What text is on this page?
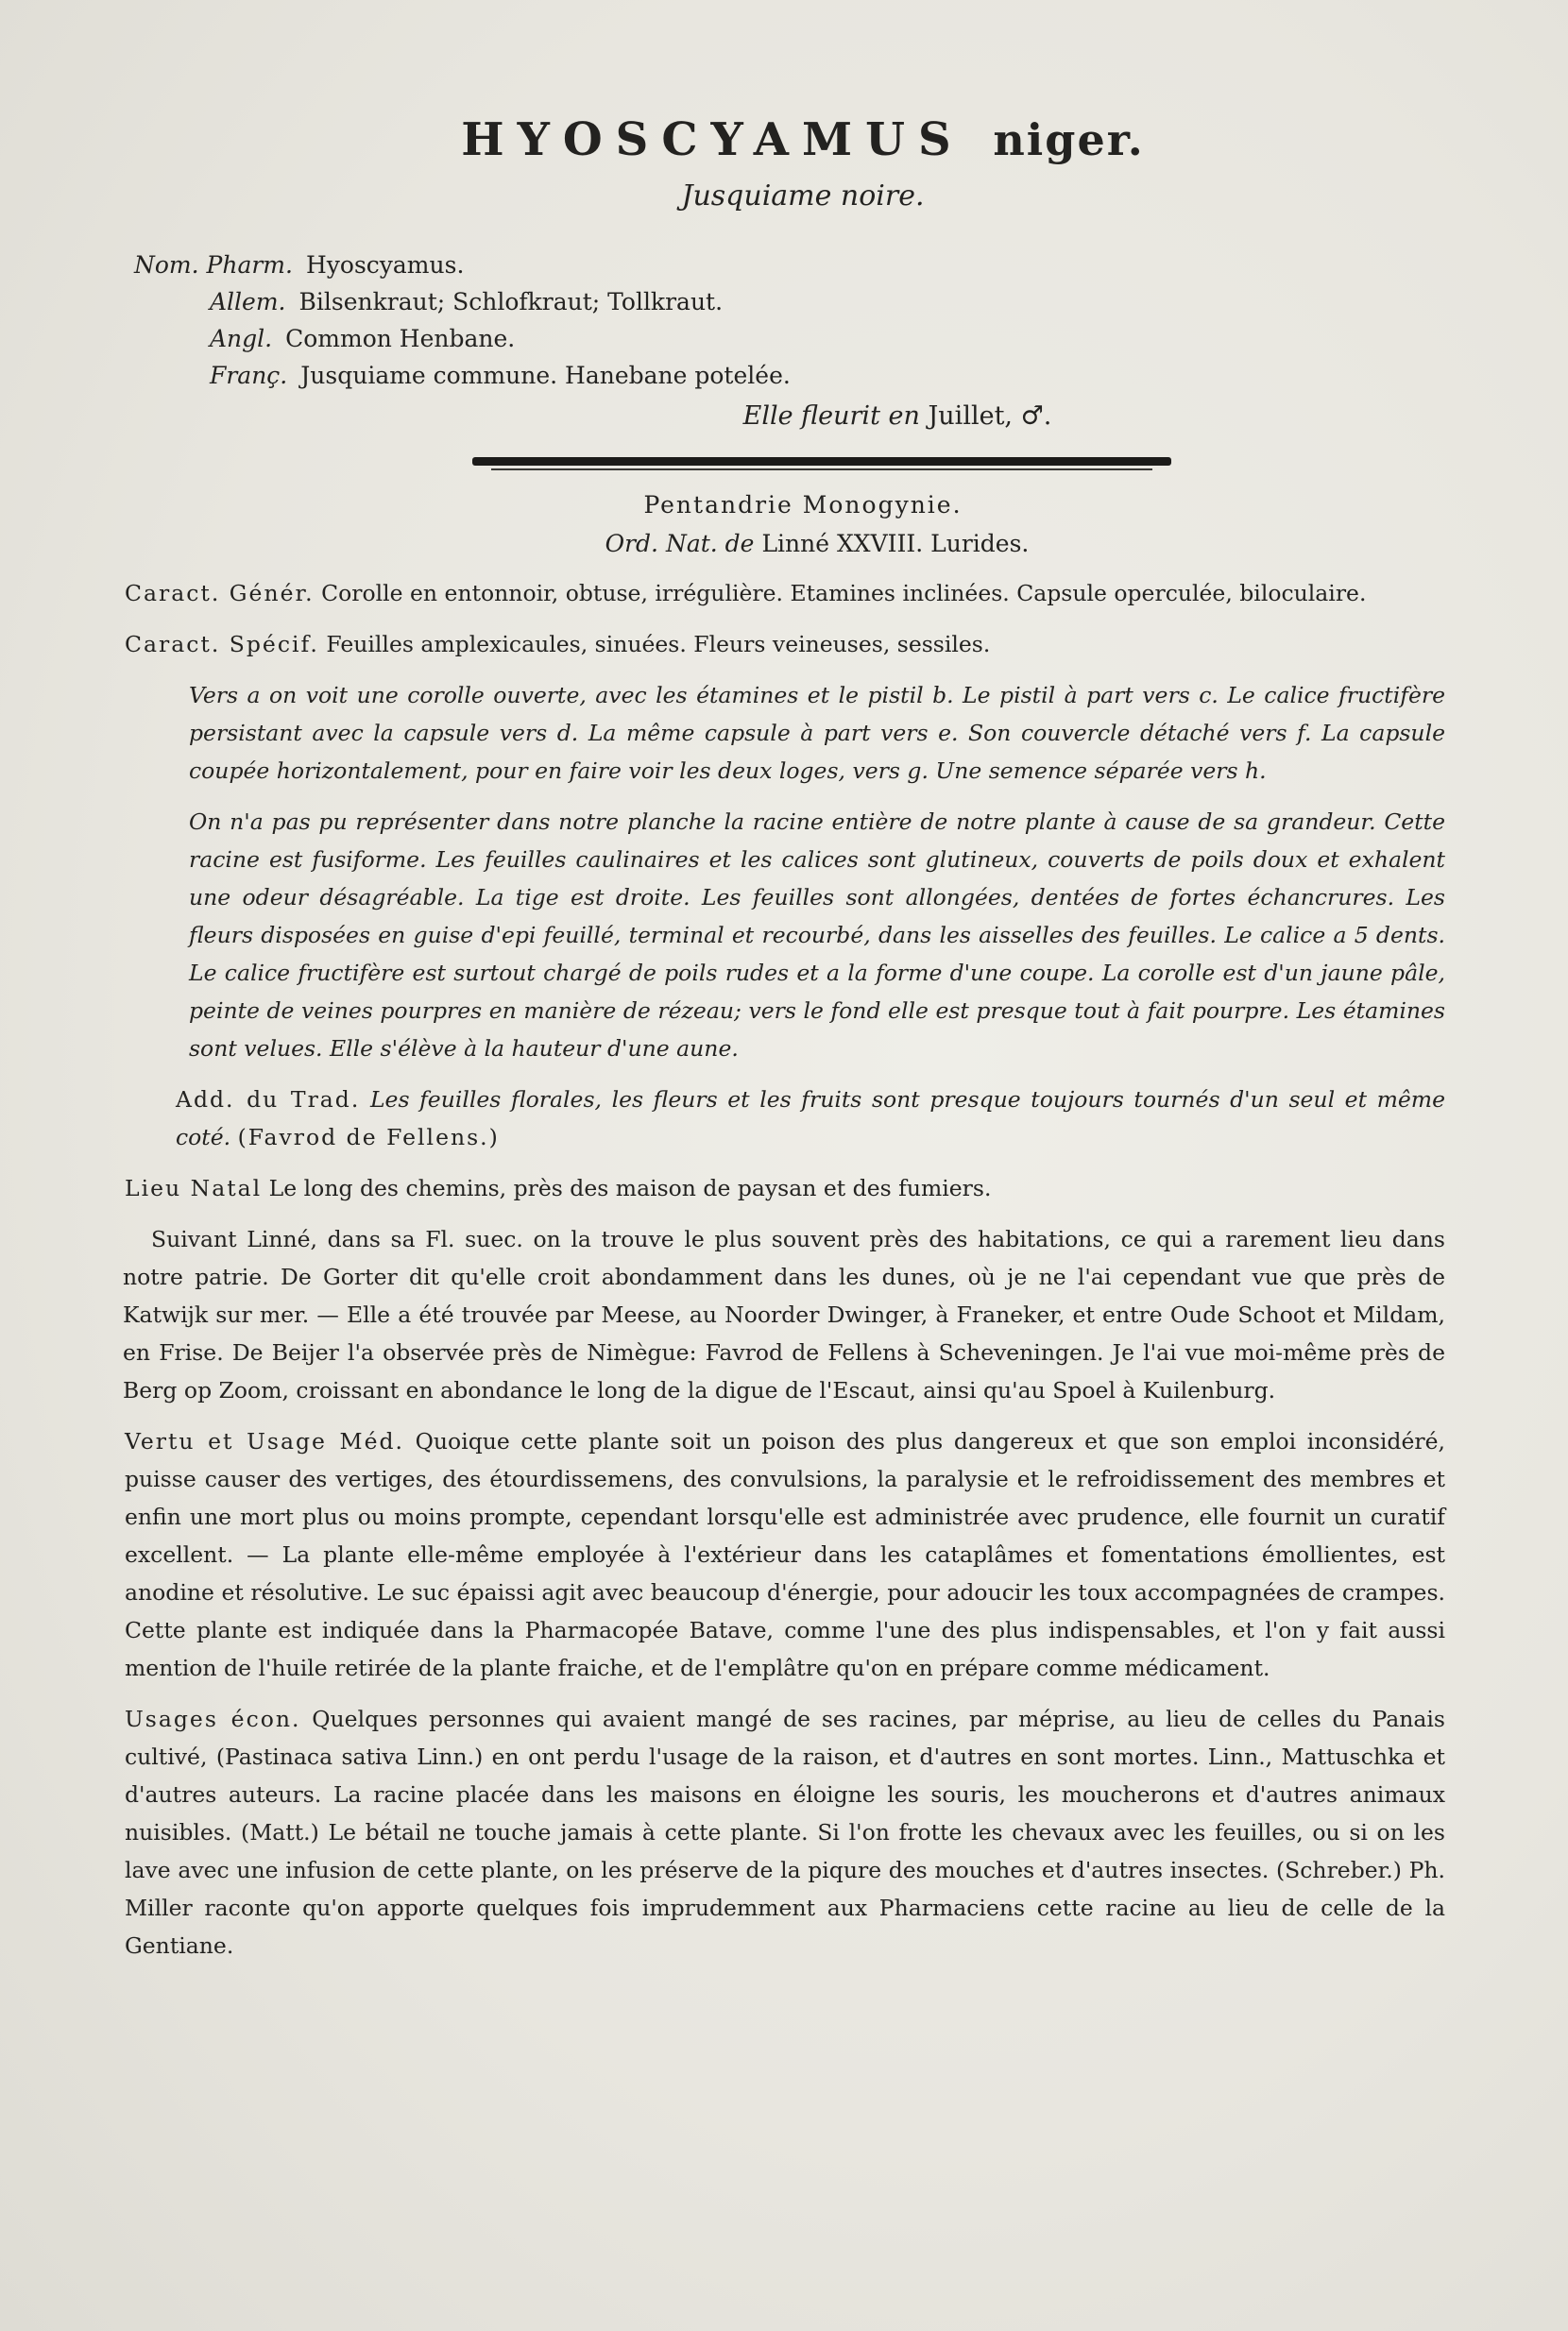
HYOSCYAMUS niger.
Jusquiame noire.
Nom. Pharm. Hyoscyamus.
Allem. Bilsenkraut; Schlofkraut; Tollkraut.
Angl. Common Henbane.
Franç. Jusquiame commune. Hanebane potelée.
Elle fleurit en Juillet, ♂.
Pentandrie Monogynie.
Ord. Nat. de Linné XXVIII. Lurides.

Caract. Génér. Corolle en entonnoir, obtuse, irrégulière. Etamines inclinées. Capsule operculée, biloculaire.

Caract. Spécif. Feuilles amplexicaules, sinuées. Fleurs veineuses, sessiles.

Vers a on voit une corolle ouverte, avec les étamines et le pistil b. Le pistil à part vers c. Le calice fructifère persistant avec la capsule vers d. La même capsule à part vers e. Son couvercle détaché vers f. La capsule coupée horizontalement, pour en faire voir les deux loges, vers g. Une semence séparée vers h.

On n'a pas pu représenter dans notre planche la racine entière de notre plante à cause de sa grandeur. Cette racine est fusiforme. Les feuilles caulinaires et les calices sont glutineux, couverts de poils doux et exhalent une odeur désagréable. La tige est droite. Les feuilles sont allongées, dentées de fortes échancrures. Les fleurs disposées en guise d'epi feuillé, terminal et recourbé, dans les aisselles des feuilles. Le calice a 5 dents. Le calice fructifère est surtout chargé de poils rudes et a la forme d'une coupe. La corolle est d'un jaune pâle, peinte de veines pourpres en manière de rézeau; vers le fond elle est presque tout à fait pourpre. Les étamines sont velues. Elle s'élève à la hauteur d'une aune.

Add. du Trad. Les feuilles florales, les fleurs et les fruits sont presque toujours tournés d'un seul et même coté. (Favrod de Fellens.)

Lieu Natal Le long des chemins, près des maison de paysan et des fumiers.

Suivant Linné, dans sa Fl. suec. on la trouve le plus souvent près des habitations, ce qui a rarement lieu dans notre patrie. De Gorter dit qu'elle croit abondamment dans les dunes, où je ne l'ai cependant vue que près de Katwijk sur mer. — Elle a été trouvée par Meese, au Noorder Dwinger, à Franeker, et entre Oude Schoot et Mildam, en Frise. De Beijer l'a observée près de Nimègue: Favrod de Fellens à Schevеningen. Je l'ai vue moi-même près de Berg op Zoom, croissant en abondance le long de la digue de l'Escaut, ainsi qu'au Spoel à Kuilenburg.

Vertu et Usage Méd. Quoique cette plante soit un poison des plus dangereux et que son emploi inconsidéré, puisse causer des vertiges, des étourdissemens, des convulsions, la paralysie et le refroidissement des membres et enfin une mort plus ou moins prompte, cependant lorsqu'elle est administrée avec prudence, elle fournit un curatif excellent. — La plante elle-même employée à l'extérieur dans les cataplâmes et fomentations émollientes, est anodine et résolutive. Le suc épaissi agit avec beaucoup d'énergie, pour adoucir les toux accompagnées de crampes. Cette plante est indiquée dans la Pharmacopée Batave, comme l'une des plus indispensables, et l'on y fait aussi mention de l'huile retirée de la plante fraiche, et de l'emplâtre qu'on en prépare comme médicament.

Usages écon. Quelques personnes qui avaient mangé de ses racines, par méprise, au lieu de celles du Panais cultivé, (Pastinaca sativa Linn.) en ont perdu l'usage de la raison, et d'autres en sont mortes. Linn., Mattuschka et d'autres auteurs. La racine placée dans les maisons en éloigne les souris, les moucherons et d'autres animaux nuisibles. (Matt.) Le bétail ne touche jamais à cette plante. Si l'on frotte les chevaux avec les feuilles, ou si on les lave avec une infusion de cette plante, on les préserve de la piqure des mouches et d'autres insectes. (Schreber.) Ph. Miller raconte qu'on apporte quelques fois imprudemment aux Pharmaciens cette racine au lieu de celle de la Gentiane.
